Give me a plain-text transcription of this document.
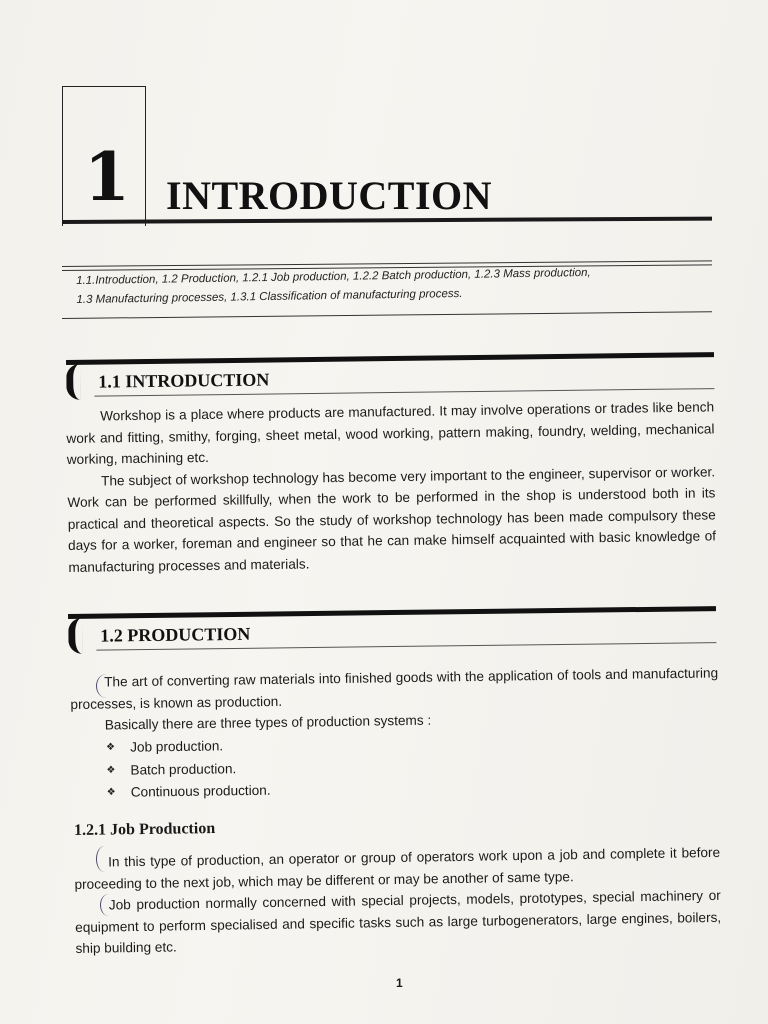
1 INTRODUCTION
1.1.Introduction, 1.2 Production, 1.2.1 Job production, 1.2.2 Batch production, 1.2.3 Mass production,
1.3 Manufacturing processes, 1.3.1 Classification of manufacturing process.
1.1 INTRODUCTION

Workshop is a place where products are manufactured. It may involve operations or trades like bench work and fitting, smithy, forging, sheet metal, wood working, pattern making, foundry, welding, mechanical working, machining etc.

The subject of workshop technology has become very important to the engineer, supervisor or worker. Work can be performed skillfully, when the work to be performed in the shop is understood both in its practical and theoretical aspects. So the study of workshop technology has been made compulsory these days for a worker, foreman and engineer so that he can make himself acquainted with basic knowledge of manufacturing processes and materials.

1.2 PRODUCTION

The art of converting raw materials into finished goods with the application of tools and manufacturing processes, is known as production.

Basically there are three types of production systems :

❖ Job production.
❖ Batch production.
❖ Continuous production.
1.2.1 Job Production

In this type of production, an operator or group of operators work upon a job and complete it before proceeding to the next job, which may be different or may be another of same type.

Job production normally concerned with special projects, models, prototypes, special machinery or equipment to perform specialised and specific tasks such as large turbogenerators, large engines, boilers, ship building etc.

1
